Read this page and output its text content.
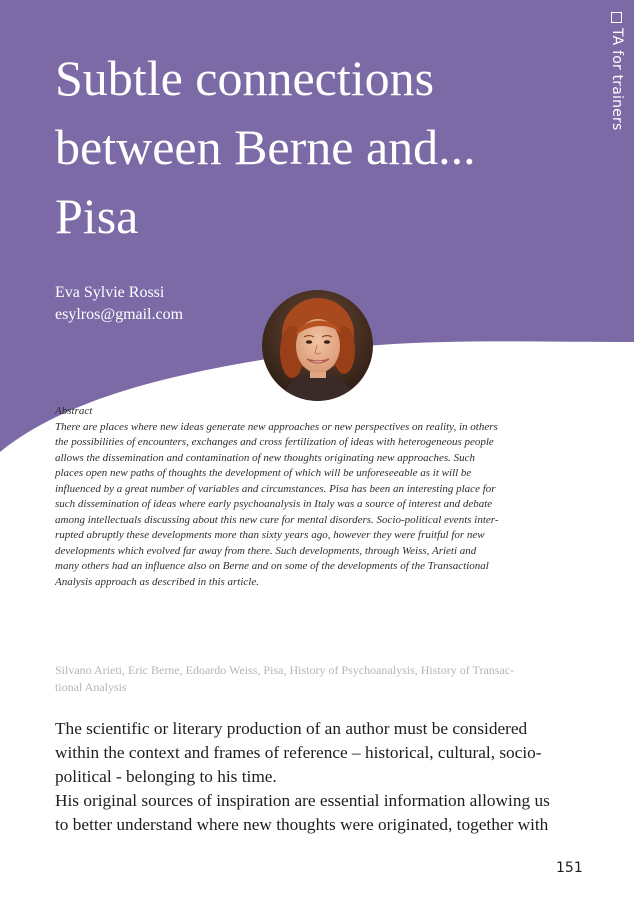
TA for trainers
Subtle connections
between Berne and...
Pisa
Eva Sylvie Rossi
esylros@gmail.com
Abstract
There are places where new ideas generate new approaches or new perspectives on reality, in others
the possibilities of encounters, exchanges and cross fertilization of ideas with heterogeneous people
allows the dissemination and contamination of new thoughts originating new approaches. Such
places open new paths of thoughts the development of which will be unforeseeable as it will be
influenced by a great number of variables and circumstances. Pisa has been an interesting place for
such dissemination of ideas where early psychoanalysis in Italy was a source of interest and debate
among intellectuals discussing about this new cure for mental disorders. Socio-political events inter-
rupted abruptly these developments more than sixty years ago, however they were fruitful for new
developments which evolved far away from there. Such developments, through Weiss, Arieti and
many others had an influence also on Berne and on some of the developments of the Transactional
Analysis approach as described in this article.
Silvano Arieti, Eric Berne, Edoardo Weiss, Pisa, History of Psychoanalysis, History of Transac-
tional Analysis
The scientific or literary production of an author must be considered
within the context and frames of reference – historical, cultural, socio-
political - belonging to his time.
His original sources of inspiration are essential information allowing us
to better understand where new thoughts were originated, together with
151
